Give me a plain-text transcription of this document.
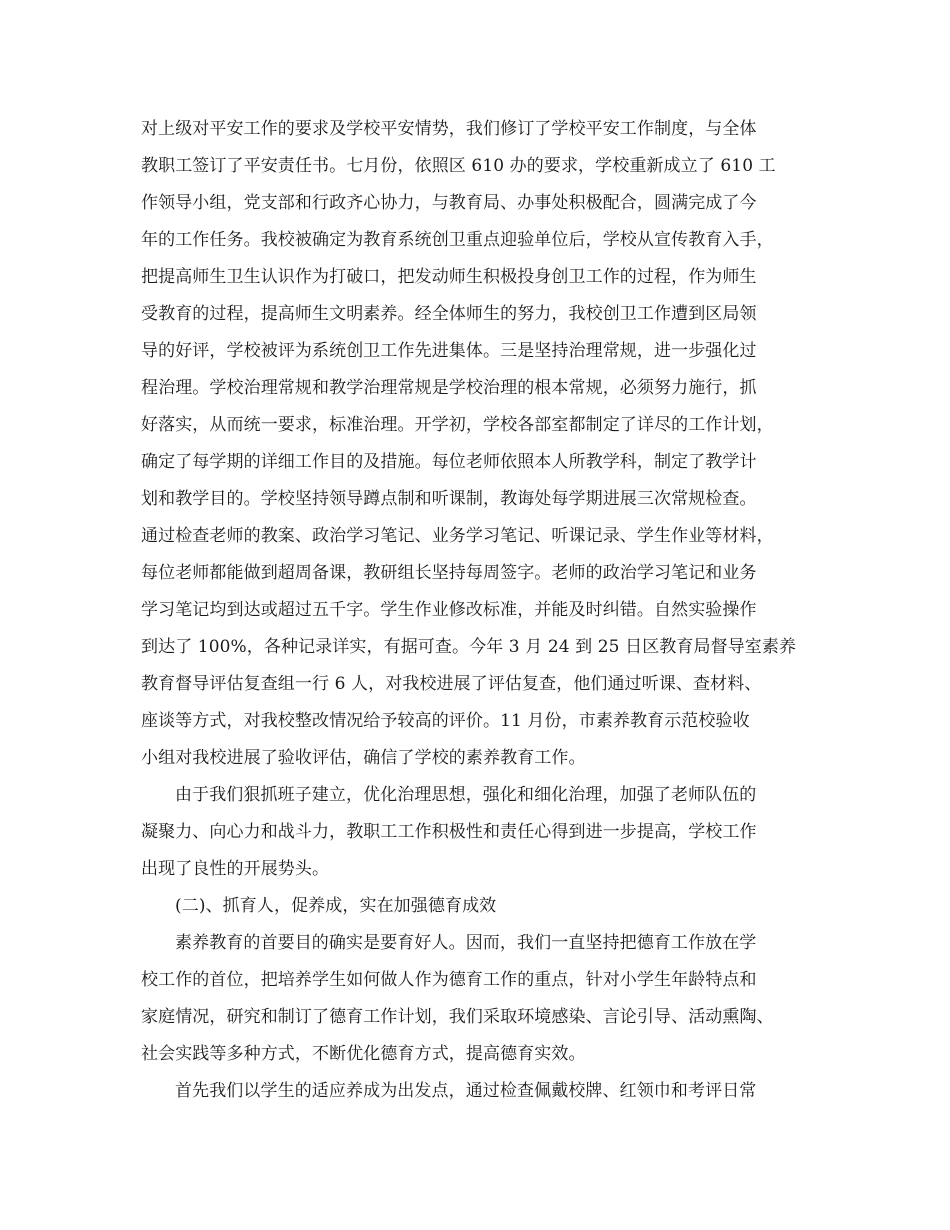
对上级对平安工作的要求及学校平安情势，我们修订了学校平安工作制度，与全体
教职工签订了平安责任书。七月份，依照区 610 办的要求，学校重新成立了 610 工
作领导小组，党支部和行政齐心协力，与教育局、办事处积极配合，圆满完成了今
年的工作任务。我校被确定为教育系统创卫重点迎验单位后，学校从宣传教育入手，
把提高师生卫生认识作为打破口，把发动师生积极投身创卫工作的过程，作为师生
受教育的过程，提高师生文明素养。经全体师生的努力，我校创卫工作遭到区局领
导的好评，学校被评为系统创卫工作先进集体。三是坚持治理常规，进一步强化过
程治理。学校治理常规和教学治理常规是学校治理的根本常规，必须努力施行，抓
好落实，从而统一要求，标准治理。开学初，学校各部室都制定了详尽的工作计划，
确定了每学期的详细工作目的及措施。每位老师依照本人所教学科，制定了教学计
划和教学目的。学校坚持领导蹲点制和听课制，教诲处每学期进展三次常规检查。
通过检查老师的教案、政治学习笔记、业务学习笔记、听课记录、学生作业等材料，
每位老师都能做到超周备课，教研组长坚持每周签字。老师的政治学习笔记和业务
学习笔记均到达或超过五千字。学生作业修改标准，并能及时纠错。自然实验操作
到达了 100%，各种记录详实，有据可查。今年 3 月 24 到 25 日区教育局督导室素养
教育督导评估复查组一行 6 人，对我校进展了评估复查，他们通过听课、查材料、
座谈等方式，对我校整改情况给予较高的评价。11 月份，市素养教育示范校验收
小组对我校进展了验收评估，确信了学校的素养教育工作。
由于我们狠抓班子建立，优化治理思想，强化和细化治理，加强了老师队伍的
凝聚力、向心力和战斗力，教职工工作积极性和责任心得到进一步提高，学校工作
出现了良性的开展势头。
(二)、抓育人，促养成，实在加强德育成效
素养教育的首要目的确实是要育好人。因而，我们一直坚持把德育工作放在学
校工作的首位，把培养学生如何做人作为德育工作的重点，针对小学生年龄特点和
家庭情况，研究和制订了德育工作计划，我们采取环境感染、言论引导、活动熏陶、
社会实践等多种方式，不断优化德育方式，提高德育实效。
首先我们以学生的适应养成为出发点，通过检查佩戴校牌、红领巾和考评日常
